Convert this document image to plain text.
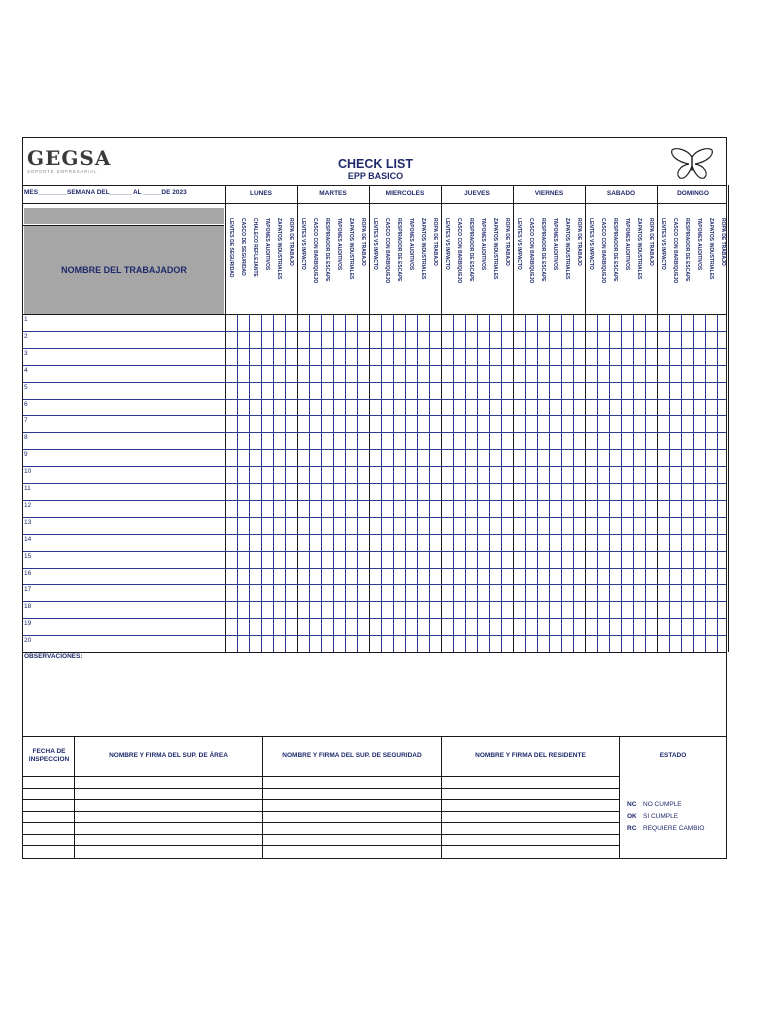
GEGSA
SOPORTE EMPRESARIAL
CHECK LIST
EPP BASICO
MES________SEMANA DEL______ AL _____DE 2023
NOMBRE DEL TRABAJADOR
OBSERVACIONES:
FECHA DE INSPECCION
NOMBRE Y FIRMA DEL SUP. DE ÁREA	NOMBRE Y FIRMA DEL SUP. DE SEGURIDAD	NOMBRE Y FIRMA DEL RESIDENTE	ESTADO
NC NO CUMPLE
OK SI CUMPLE
RC REQUIERE CAMBIO
LUNES
LENTES DE SEGURIDAD	CASCO DE SEGURIDAD	CHALECO REFLEJANTE	TAPONES AUDITIVOS	ZAPATOS INDUSTRIALES	ROPA DE TRABAJO
MARTES
LENTES VS IMPACTO	CASCO CON BARBIQUEJO	RESPIRADOR DE ESCAPE	TAPONES AUDITIVOS	ZAPATOS INDUSTRIALES	ROPA DE TRABAJO
MIERCOLES
LENTES VS IMPACTO	CASCO CON BARBIQUEJO	RESPIRADOR DE ESCAPE	TAPONES AUDITIVOS	ZAPATOS INDUSTRIALES	ROPA DE TRABAJO
JUEVES
LENTES VS IMPACTO	CASCO CON BARBIQUEJO	RESPIRADOR DE ESCAPE	TAPONES AUDITIVOS	ZAPATOS INDUSTRIALES	ROPA DE TRABAJO
VIERNES
LENTES VS IMPACTO	CASCO CON BARBIQUEJO	RESPIRADOR DE ESCAPE	TAPONES AUDITIVOS	ZAPATOS INDUSTRIALES	ROPA DE TRABAJO
SABADO
LENTES VS IMPACTO	CASCO CON BARBIQUEJO	RESPIRADOR DE ESCAPE	TAPONES AUDITIVOS	ZAPATOS INDUSTRIALES	ROPA DE TRABAJO
DOMINGO
LENTES VS IMPACTO	CASCO CON BARBIQUEJO	RESPIRADOR DE ESCAPE	TAPONES AUDITIVOS	ZAPATOS INDUSTRIALES	ROPA DE TRABAJO
1
2
3
4
5
6
7
8
9
10
11
12
13
14
15
16
17
18
19
20
